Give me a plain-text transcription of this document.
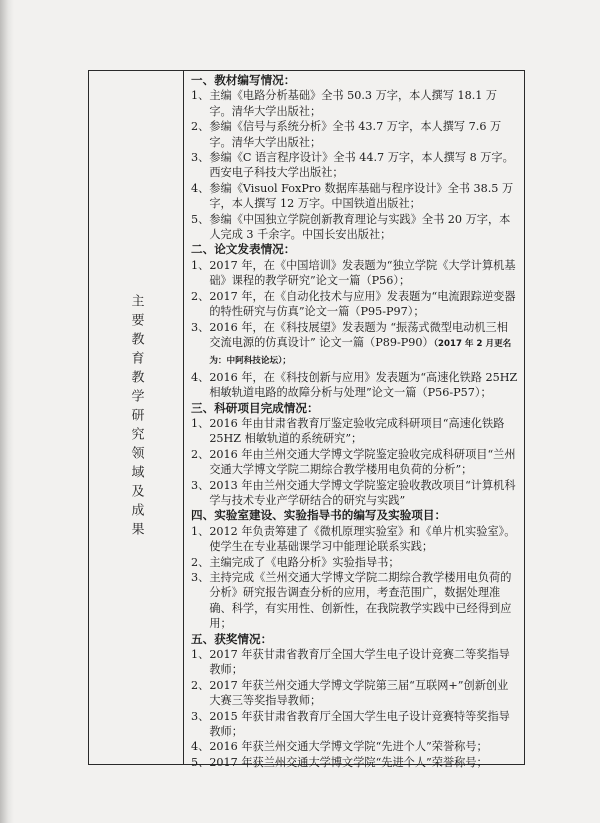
主要教育教学研究领域及成果

一、教材编写情况：

1、 主编《电路分析基础》全书 50.3 万字，本人撰写 18.1 万字。清华大学出版社；
2、 参编《信号与系统分析》全书 43.7 万字，本人撰写 7.6 万字。清华大学出版社；
3、 参编《C 语言程序设计》全书 44.7 万字，本人撰写 8 万字。西安电子科技大学出版社；
4、 参编《Visuol FoxPro 数据库基础与程序设计》全书 38.5 万字，本人撰写 12 万字。中国铁道出版社；
5、 参编《中国独立学院创新教育理论与实践》全书 20 万字，本人完成 3 千余字。中国长安出版社；

二、论文发表情况：

1、 2017 年，在《中国培训》发表题为“独立学院《大学计算机基础》课程的教学研究”论文一篇（P56）；
2、 2017 年，在《自动化技术与应用》发表题为“电流跟踪逆变器的特性研究与仿真”论文一篇（P95-P97）；
3、 2016 年，在《科技展望》发表题为 “振荡式微型电动机三相交流电源的仿真设计” 论文一篇（P89-P90）（2017 年 2 月更名为：中阿科技论坛）；
4、 2016 年，在《科技创新与应用》发表题为“高速化铁路 25HZ 相敏轨道电路的故障分析与处理”论文一篇（P56-P57）；

三、科研项目完成情况：

1、 2016 年由甘肃省教育厅鉴定验收完成科研项目“高速化铁路 25HZ 相敏轨道的系统研究”；
2、 2016 年由兰州交通大学博文学院鉴定验收完成科研项目“兰州交通大学博文学院二期综合教学楼用电负荷的分析”；
3、 2013 年由兰州交通大学博文学院鉴定验收教改项目“计算机科学与技术专业产学研结合的研究与实践”

四、实验室建设、实验指导书的编写及实验项目：

1、 2012 年负责筹建了《微机原理实验室》和《单片机实验室》。使学生在专业基础课学习中能理论联系实践；
2、 主编完成了《电路分析》实验指导书；
3、 主持完成《兰州交通大学博文学院二期综合教学楼用电负荷的分析》研究报告调查分析的应用，考查范围广，数据处理准确、科学，有实用性、创新性，在我院教学实践中已经得到应用；

五、获奖情况：

1、 2017 年获甘肃省教育厅全国大学生电子设计竞赛二等奖指导教师；
2、 2017 年获兰州交通大学博文学院第三届“互联网+”创新创业大赛三等奖指导教师；
3、 2015 年获甘肃省教育厅全国大学生电子设计竞赛特等奖指导教师；
4、 2016 年获兰州交通大学博文学院“先进个人”荣誉称号；
5、 2017 年获兰州交通大学博文学院“先进个人”荣誉称号；
